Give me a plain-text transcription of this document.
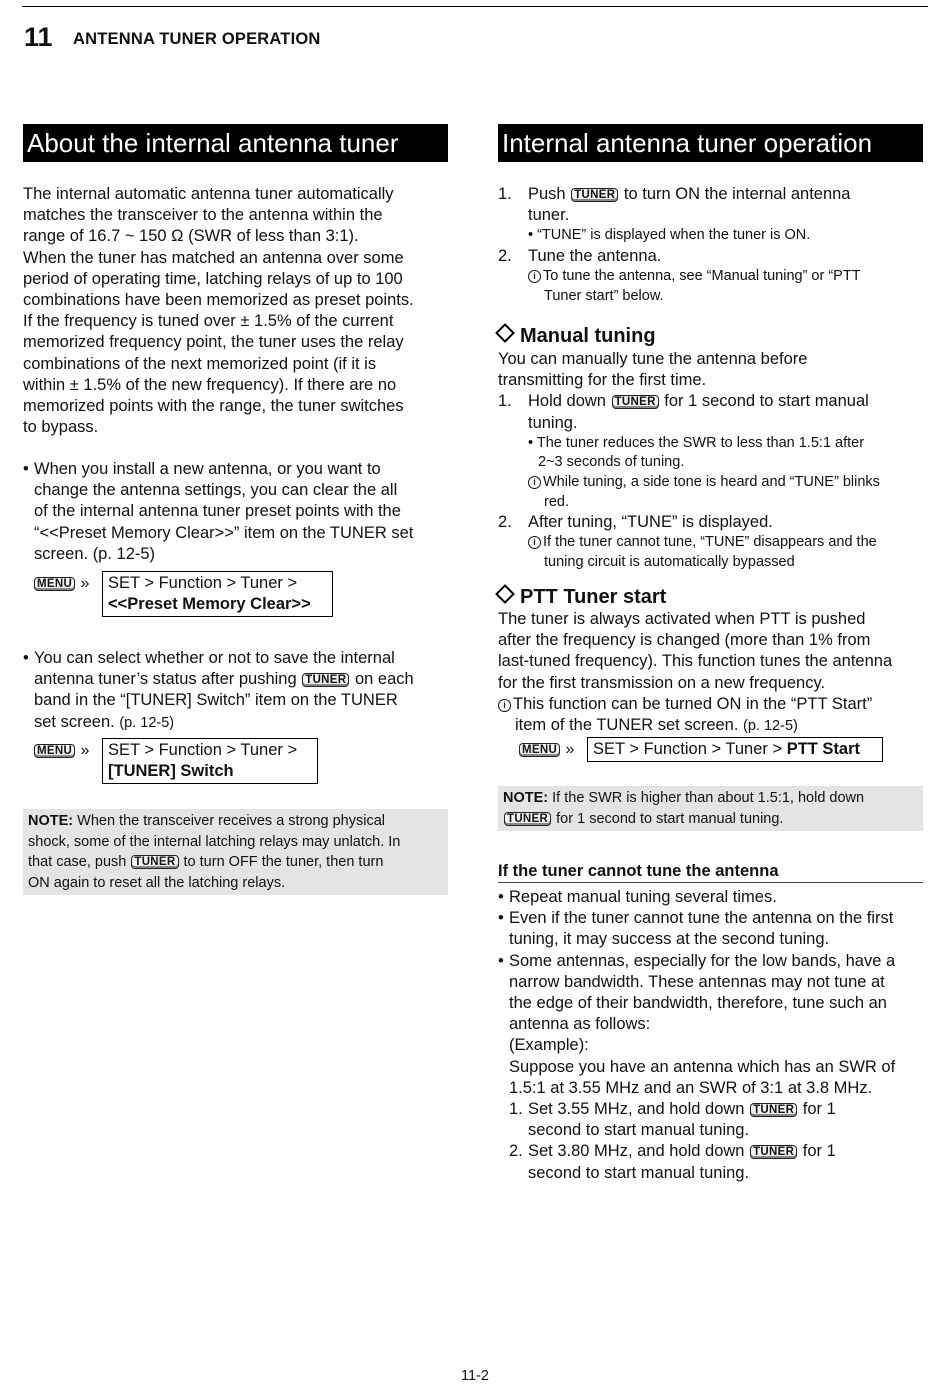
11 ANTENNA TUNER OPERATION
About the internal antenna tuner

The internal automatic antenna tuner automatically

matches the transceiver to the antenna within the

range of 16.7 ~ 150 Ω (SWR of less than 3:1).

When the tuner has matched an antenna over some

period of operating time, latching relays of up to 100

combinations have been memorized as preset points.

If the frequency is tuned over ± 1.5% of the current

memorized frequency point, the tuner uses the relay

combinations of the next memorized point (if it is

within ± 1.5% of the new frequency). If there are no

memorized points with the range, the tuner switches

to bypass.

• When you install a new antenna, or you want to

change the antenna settings, you can clear the all

of the internal antenna tuner preset points with the

“<<Preset Memory Clear>>” item on the TUNER set

screen. (p. 12-5)

MENU » SET > Function > Tuner >
<<Preset Memory Clear>>
• You can select whether or not to save the internal

antenna tuner’s status after pushing TUNER on each

band in the “[TUNER] Switch” item on the TUNER

set screen. (p. 12-5)

MENU » SET > Function > Tuner >
[TUNER] Switch
NOTE: When the transceiver receives a strong physical
shock, some of the internal latching relays may unlatch. In
that case, push TUNER to turn OFF the tuner, then turn
ON again to reset all the latching relays.
Internal antenna tuner operation
1. Push TUNER to turn ON the internal antenna

tuner.

• “TUNE” is displayed when the tuner is ON.

2. Tune the antenna.

i To tune the antenna, see “Manual tuning” or “PTT

Tuner start” below.

Manual tuning

You can manually tune the antenna before

transmitting for the first time.

1. Hold down TUNER for 1 second to start manual

tuning.

• The tuner reduces the SWR to less than 1.5:1 after

2~3 seconds of tuning.

i While tuning, a side tone is heard and “TUNE” blinks

red.

2. After tuning, “TUNE” is displayed.

i If the tuner cannot tune, “TUNE” disappears and the

tuning circuit is automatically bypassed

PTT Tuner start

The tuner is always activated when PTT is pushed

after the frequency is changed (more than 1% from

last-tuned frequency). This function tunes the antenna

for the first transmission on a new frequency.

i This function can be turned ON in the “PTT Start”

item of the TUNER set screen. (p. 12-5)

MENU »	SET > Function > Tuner > PTT Start
NOTE: If the SWR is higher than about 1.5:1, hold down
TUNER for 1 second to start manual tuning.
If the tuner cannot tune the antenna
• Repeat manual tuning several times.

• Even if the tuner cannot tune the antenna on the first

tuning, it may success at the second tuning.

• Some antennas, especially for the low bands, have a

narrow bandwidth. These antennas may not tune at

the edge of their bandwidth, therefore, tune such an

antenna as follows:

(Example):

Suppose you have an antenna which has an SWR of

1.5:1 at 3.55 MHz and an SWR of 3:1 at 3.8 MHz.

1. Set 3.55 MHz, and hold down TUNER for 1

second to start manual tuning.

2. Set 3.80 MHz, and hold down TUNER for 1

second to start manual tuning.

11-2
